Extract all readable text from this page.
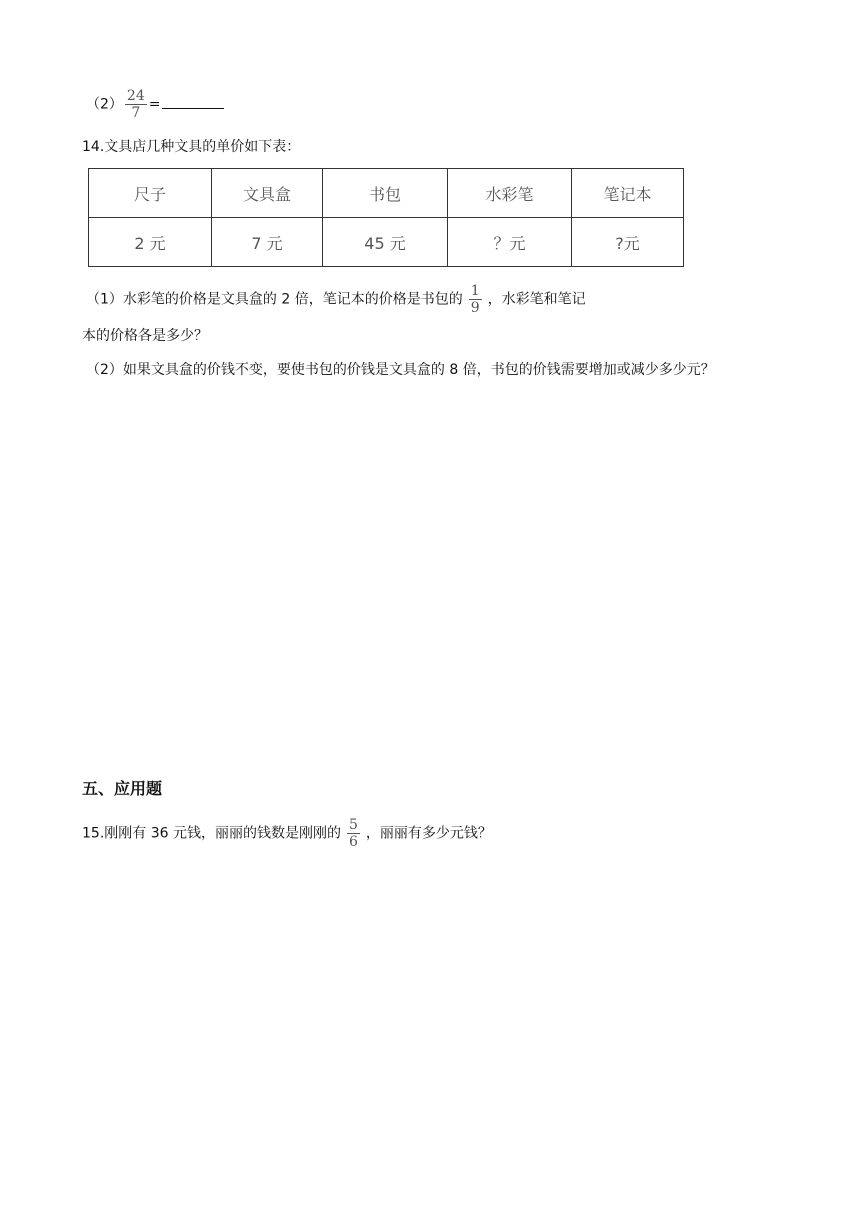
$(2) \frac{24}{7}$ =
14.文具店几种文具的单价如下表：
尺子	文具盒	书包	水彩笔	笔记本
2 元	7 元	45 元	？元	?元
（1）水彩笔的价格是文具盒的 2 倍，笔记本的价格是书包的 $\frac{1}{9}$ ，水彩笔和笔记
本的价格各是多少？
（2）如果文具盒的价钱不变，要使书包的价钱是文具盒的 8 倍，书包的价钱需要增加或减少多少元？
五、应用题
15.刚刚有 36 元钱，丽丽的钱数是刚刚的 $\frac{5}{6}$ ，丽丽有多少元钱？
